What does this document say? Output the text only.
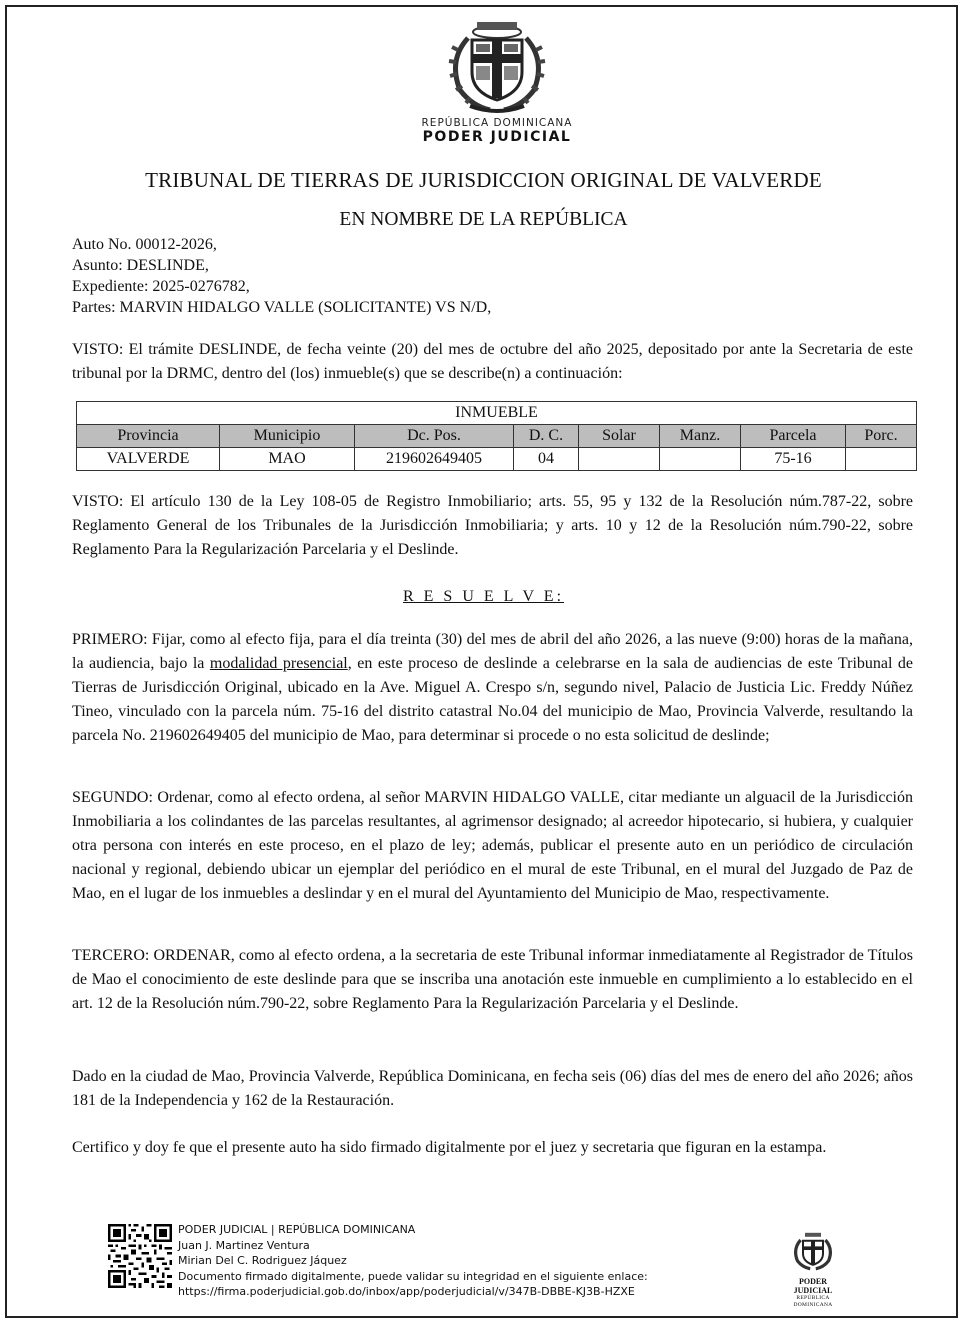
REPÚBLICA DOMINICANA
PODER JUDICIAL
TRIBUNAL DE TIERRAS DE JURISDICCION ORIGINAL DE VALVERDE
EN NOMBRE DE LA REPÚBLICA
Auto No. 00012-2026,
Asunto: DESLINDE,
Expediente: 2025-0276782,
Partes: MARVIN HIDALGO VALLE (SOLICITANTE) VS N/D,
VISTO: El trámite DESLINDE, de fecha veinte (20) del mes de octubre del año 2025, depositado por ante la Secretaria de este tribunal por la DRMC, dentro del (los) inmueble(s) que se describe(n) a continuación:
INMUEBLE							
Provincia	Municipio	Dc. Pos.	D. C.	Solar	Manz.	Parcela	Porc.
VALVERDE	MAO	219602649405	04			75-16	
VISTO: El artículo 130 de la Ley 108-05 de Registro Inmobiliario; arts. 55, 95 y 132 de la Resolución núm.787-22, sobre Reglamento General de los Tribunales de la Jurisdicción Inmobiliaria; y arts. 10 y 12 de la Resolución núm.790-22, sobre Reglamento Para la Regularización Parcelaria y el Deslinde.
R E S U E L V E:
PRIMERO: Fijar, como al efecto fija, para el día treinta (30) del mes de abril del año 2026, a las nueve (9:00) horas de la mañana, la audiencia, bajo la modalidad presencial, en este proceso de deslinde a celebrarse en la sala de audiencias de este Tribunal de Tierras de Jurisdicción Original, ubicado en la Ave. Miguel A. Crespo s/n, segundo nivel, Palacio de Justicia Lic. Freddy Núñez Tineo, vinculado con la parcela núm. 75-16 del distrito catastral No.04 del municipio de Mao, Provincia Valverde, resultando la parcela No. 219602649405 del municipio de Mao, para determinar si procede o no esta solicitud de deslinde;
SEGUNDO: Ordenar, como al efecto ordena, al señor MARVIN HIDALGO VALLE, citar mediante un alguacil de la Jurisdicción Inmobiliaria a los colindantes de las parcelas resultantes, al agrimensor designado; al acreedor hipotecario, si hubiera, y cualquier otra persona con interés en este proceso, en el plazo de ley; además, publicar el presente auto en un periódico de circulación nacional y regional, debiendo ubicar un ejemplar del periódico en el mural de este Tribunal, en el mural del Juzgado de Paz de Mao, en el lugar de los inmuebles a deslindar y en el mural del Ayuntamiento del Municipio de Mao, respectivamente.
TERCERO: ORDENAR, como al efecto ordena, a la secretaria de este Tribunal informar inmediatamente al Registrador de Títulos de Mao el conocimiento de este deslinde para que se inscriba una anotación este inmueble en cumplimiento a lo establecido en el art. 12 de la Resolución núm.790-22, sobre Reglamento Para la Regularización Parcelaria y el Deslinde.
Dado en la ciudad de Mao, Provincia Valverde, República Dominicana, en fecha seis (06) días del mes de enero del año 2026; años 181 de la Independencia y 162 de la Restauración.
Certifico y doy fe que el presente auto ha sido firmado digitalmente por el juez y secretaria que figuran en la estampa.
PODER JUDICIAL | REPÚBLICA DOMINICANA
Juan J. Martinez Ventura
Mirian Del C. Rodriguez Jáquez
Documento firmado digitalmente, puede validar su integridad en el siguiente enlace:
https://firma.poderjudicial.gob.do/inbox/app/poderjudicial/v/347B-DBBE-KJ3B-HZXE
PODER JUDICIAL
REPÚBLICA DOMINICANA
